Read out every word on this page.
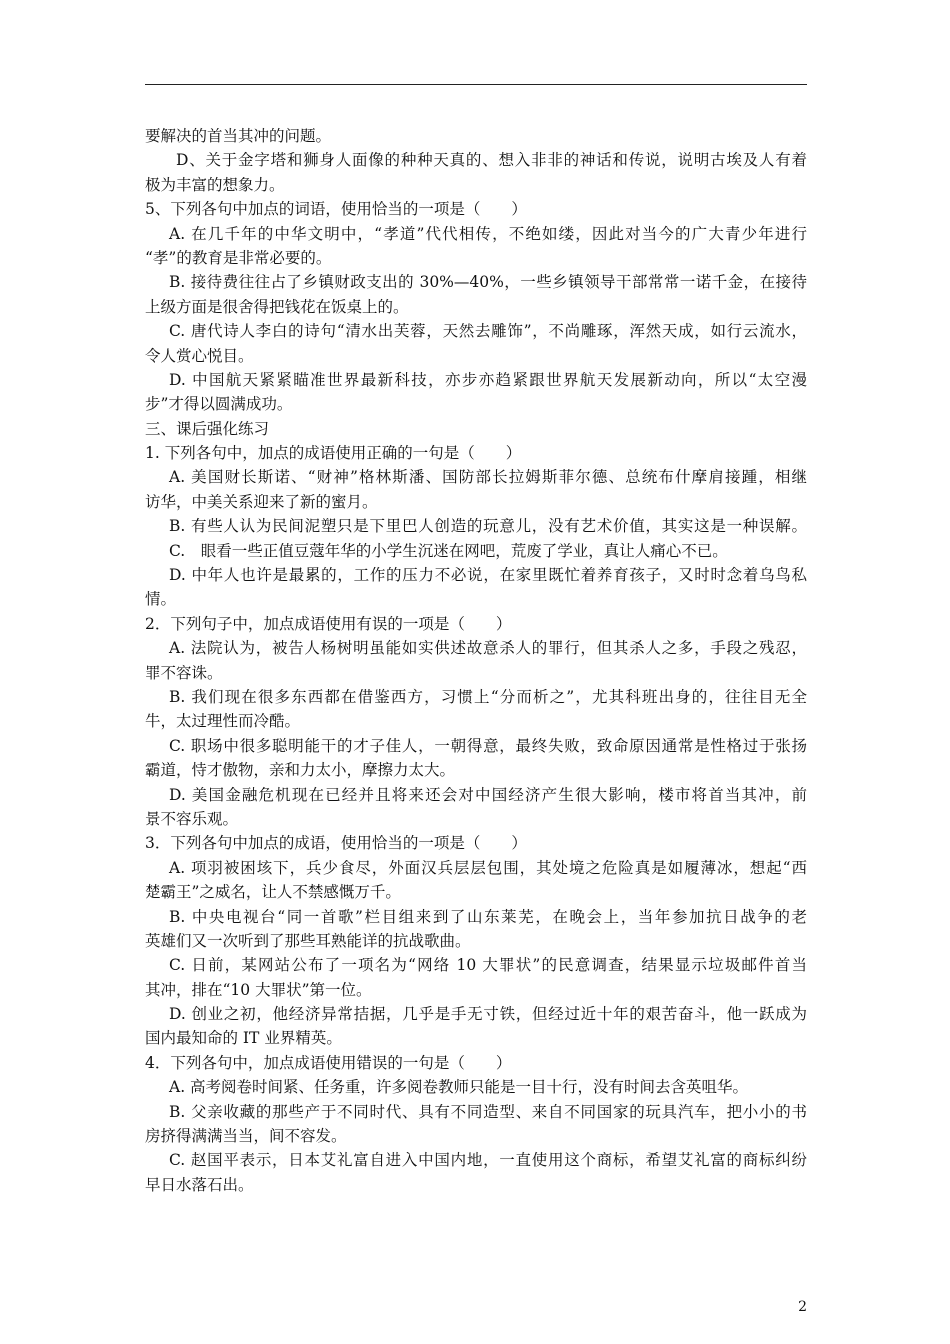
要解决的首当其冲的问题。
D、关于金字塔和狮身人面像的种种天真的、想入非非的神话和传说，说明古埃及人有着
极为丰富的想象力。
5、下列各句中加点的词语，使用恰当的一项是（　　）
A. 在几千年的中华文明中，“孝道”代代相传，不绝如缕，因此对当今的广大青少年进行
“孝”的教育是非常必要的。
B. 接待费往往占了乡镇财政支出的 30%—40%，一些乡镇领导干部常常一诺千金，在接待
上级方面是很舍得把钱花在饭桌上的。
C. 唐代诗人李白的诗句“清水出芙蓉，天然去雕饰”，不尚雕琢，浑然天成，如行云流水，
令人赏心悦目。
D. 中国航天紧紧瞄准世界最新科技，亦步亦趋紧跟世界航天发展新动向，所以“太空漫
步”才得以圆满成功。
三、课后强化练习
1. 下列各句中，加点的成语使用正确的一句是（　　）
A. 美国财长斯诺、“财神”格林斯潘、国防部长拉姆斯菲尔德、总统布什摩肩接踵，相继
访华，中美关系迎来了新的蜜月。
B. 有些人认为民间泥塑只是下里巴人创造的玩意儿，没有艺术价值，其实这是一种误解。
C.　眼看一些正值豆蔻年华的小学生沉迷在网吧，荒废了学业，真让人痛心不已。
D. 中年人也许是最累的，工作的压力不必说，在家里既忙着养育孩子，又时时念着乌鸟私
情。
2．下列句子中，加点成语使用有误的一项是（　　）
A. 法院认为，被告人杨树明虽能如实供述故意杀人的罪行，但其杀人之多，手段之残忍，
罪不容诛。
B. 我们现在很多东西都在借鉴西方，习惯上“分而析之”，尤其科班出身的，往往目无全
牛，太过理性而冷酷。
C. 职场中很多聪明能干的才子佳人，一朝得意，最终失败，致命原因通常是性格过于张扬
霸道，恃才傲物，亲和力太小，摩擦力太大。
D. 美国金融危机现在已经并且将来还会对中国经济产生很大影响，楼市将首当其冲，前
景不容乐观。
3．下列各句中加点的成语，使用恰当的一项是（　　）
A. 项羽被困垓下，兵少食尽，外面汉兵层层包围，其处境之危险真是如履薄冰，想起“西
楚霸王”之威名，让人不禁感慨万千。
B. 中央电视台“同一首歌”栏目组来到了山东莱芜，在晚会上，当年参加抗日战争的老
英雄们又一次听到了那些耳熟能详的抗战歌曲。
C. 日前，某网站公布了一项名为“网络 10 大罪状”的民意调查，结果显示垃圾邮件首当
其冲，排在“10 大罪状”第一位。
D. 创业之初，他经济异常拮据，几乎是手无寸铁，但经过近十年的艰苦奋斗，他一跃成为
国内最知命的 IT 业界精英。
4．下列各句中，加点成语使用错误的一句是（　　）
A. 高考阅卷时间紧、任务重，许多阅卷教师只能是一目十行，没有时间去含英咀华。
B. 父亲收藏的那些产于不同时代、具有不同造型、来自不同国家的玩具汽车，把小小的书
房挤得满满当当，间不容发。
C. 赵国平表示，日本艾礼富自进入中国内地，一直使用这个商标，希望艾礼富的商标纠纷
早日水落石出。
2
